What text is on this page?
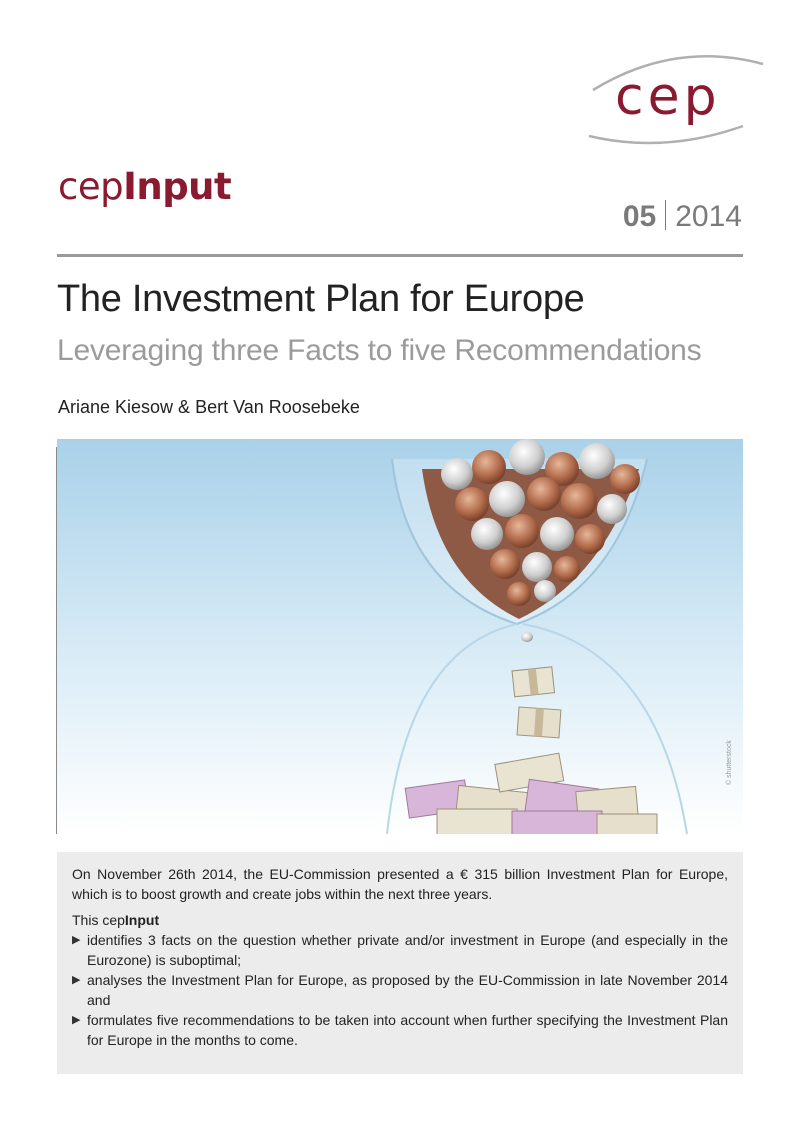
cep
cepInput
05 2014
The Investment Plan for Europe
Leveraging three Facts to five Recommendations
Ariane Kiesow & Bert Van Roosebeke
© shutterstock

On November 26th 2014, the EU-Commission presented a € 315 billion Investment Plan for Europe, which is to boost growth and create jobs within the next three years.

This cepInput

▶ identifies 3 facts on the question whether private and/or investment in Europe (and especially in the Eurozone) is suboptimal;
▶ analyses the Investment Plan for Europe, as proposed by the EU-Commission in late November 2014 and
▶ formulates five recommendations to be taken into account when further specifying the Investment Plan for Europe in the months to come.
